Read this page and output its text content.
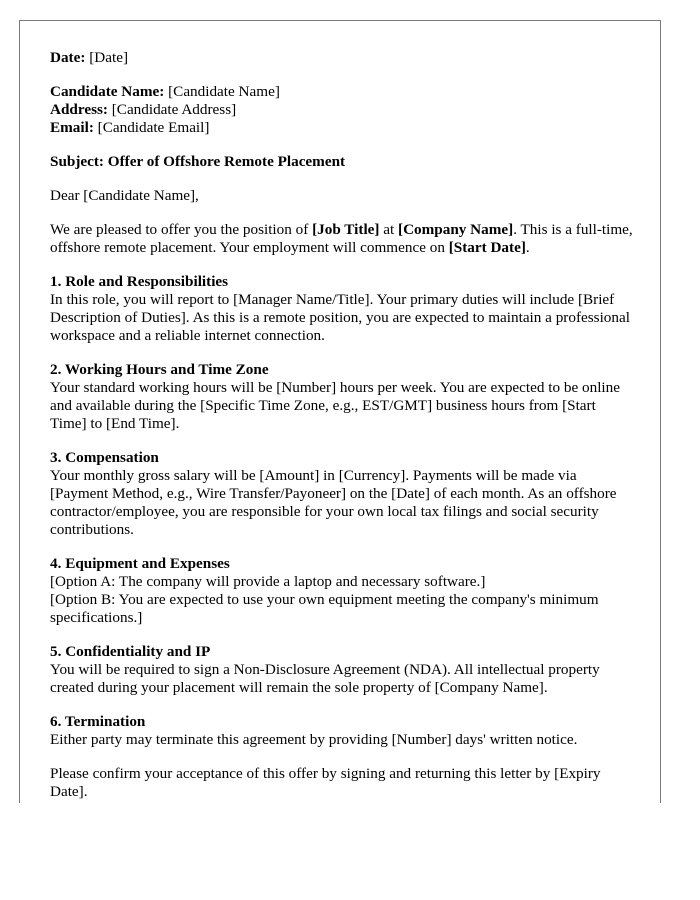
Date: [Date]
Candidate Name: [Candidate Name]
Address: [Candidate Address]
Email: [Candidate Email]
Subject: Offer of Offshore Remote Placement
Dear [Candidate Name],
We are pleased to offer you the position of [Job Title] at [Company Name]. This is a full-time, offshore remote placement. Your employment will commence on [Start Date].
1. Role and Responsibilities
In this role, you will report to [Manager Name/Title]. Your primary duties will include [Brief Description of Duties]. As this is a remote position, you are expected to maintain a professional workspace and a reliable internet connection.
2. Working Hours and Time Zone
Your standard working hours will be [Number] hours per week. You are expected to be online and available during the [Specific Time Zone, e.g., EST/GMT] business hours from [Start Time] to [End Time].
3. Compensation
Your monthly gross salary will be [Amount] in [Currency]. Payments will be made via [Payment Method, e.g., Wire Transfer/Payoneer] on the [Date] of each month. As an offshore contractor/employee, you are responsible for your own local tax filings and social security contributions.
4. Equipment and Expenses
[Option A: The company will provide a laptop and necessary software.]
[Option B: You are expected to use your own equipment meeting the company's minimum specifications.]
5. Confidentiality and IP
You will be required to sign a Non-Disclosure Agreement (NDA). All intellectual property created during your placement will remain the sole property of [Company Name].
6. Termination
Either party may terminate this agreement by providing [Number] days' written notice.
Please confirm your acceptance of this offer by signing and returning this letter by [Expiry Date].
